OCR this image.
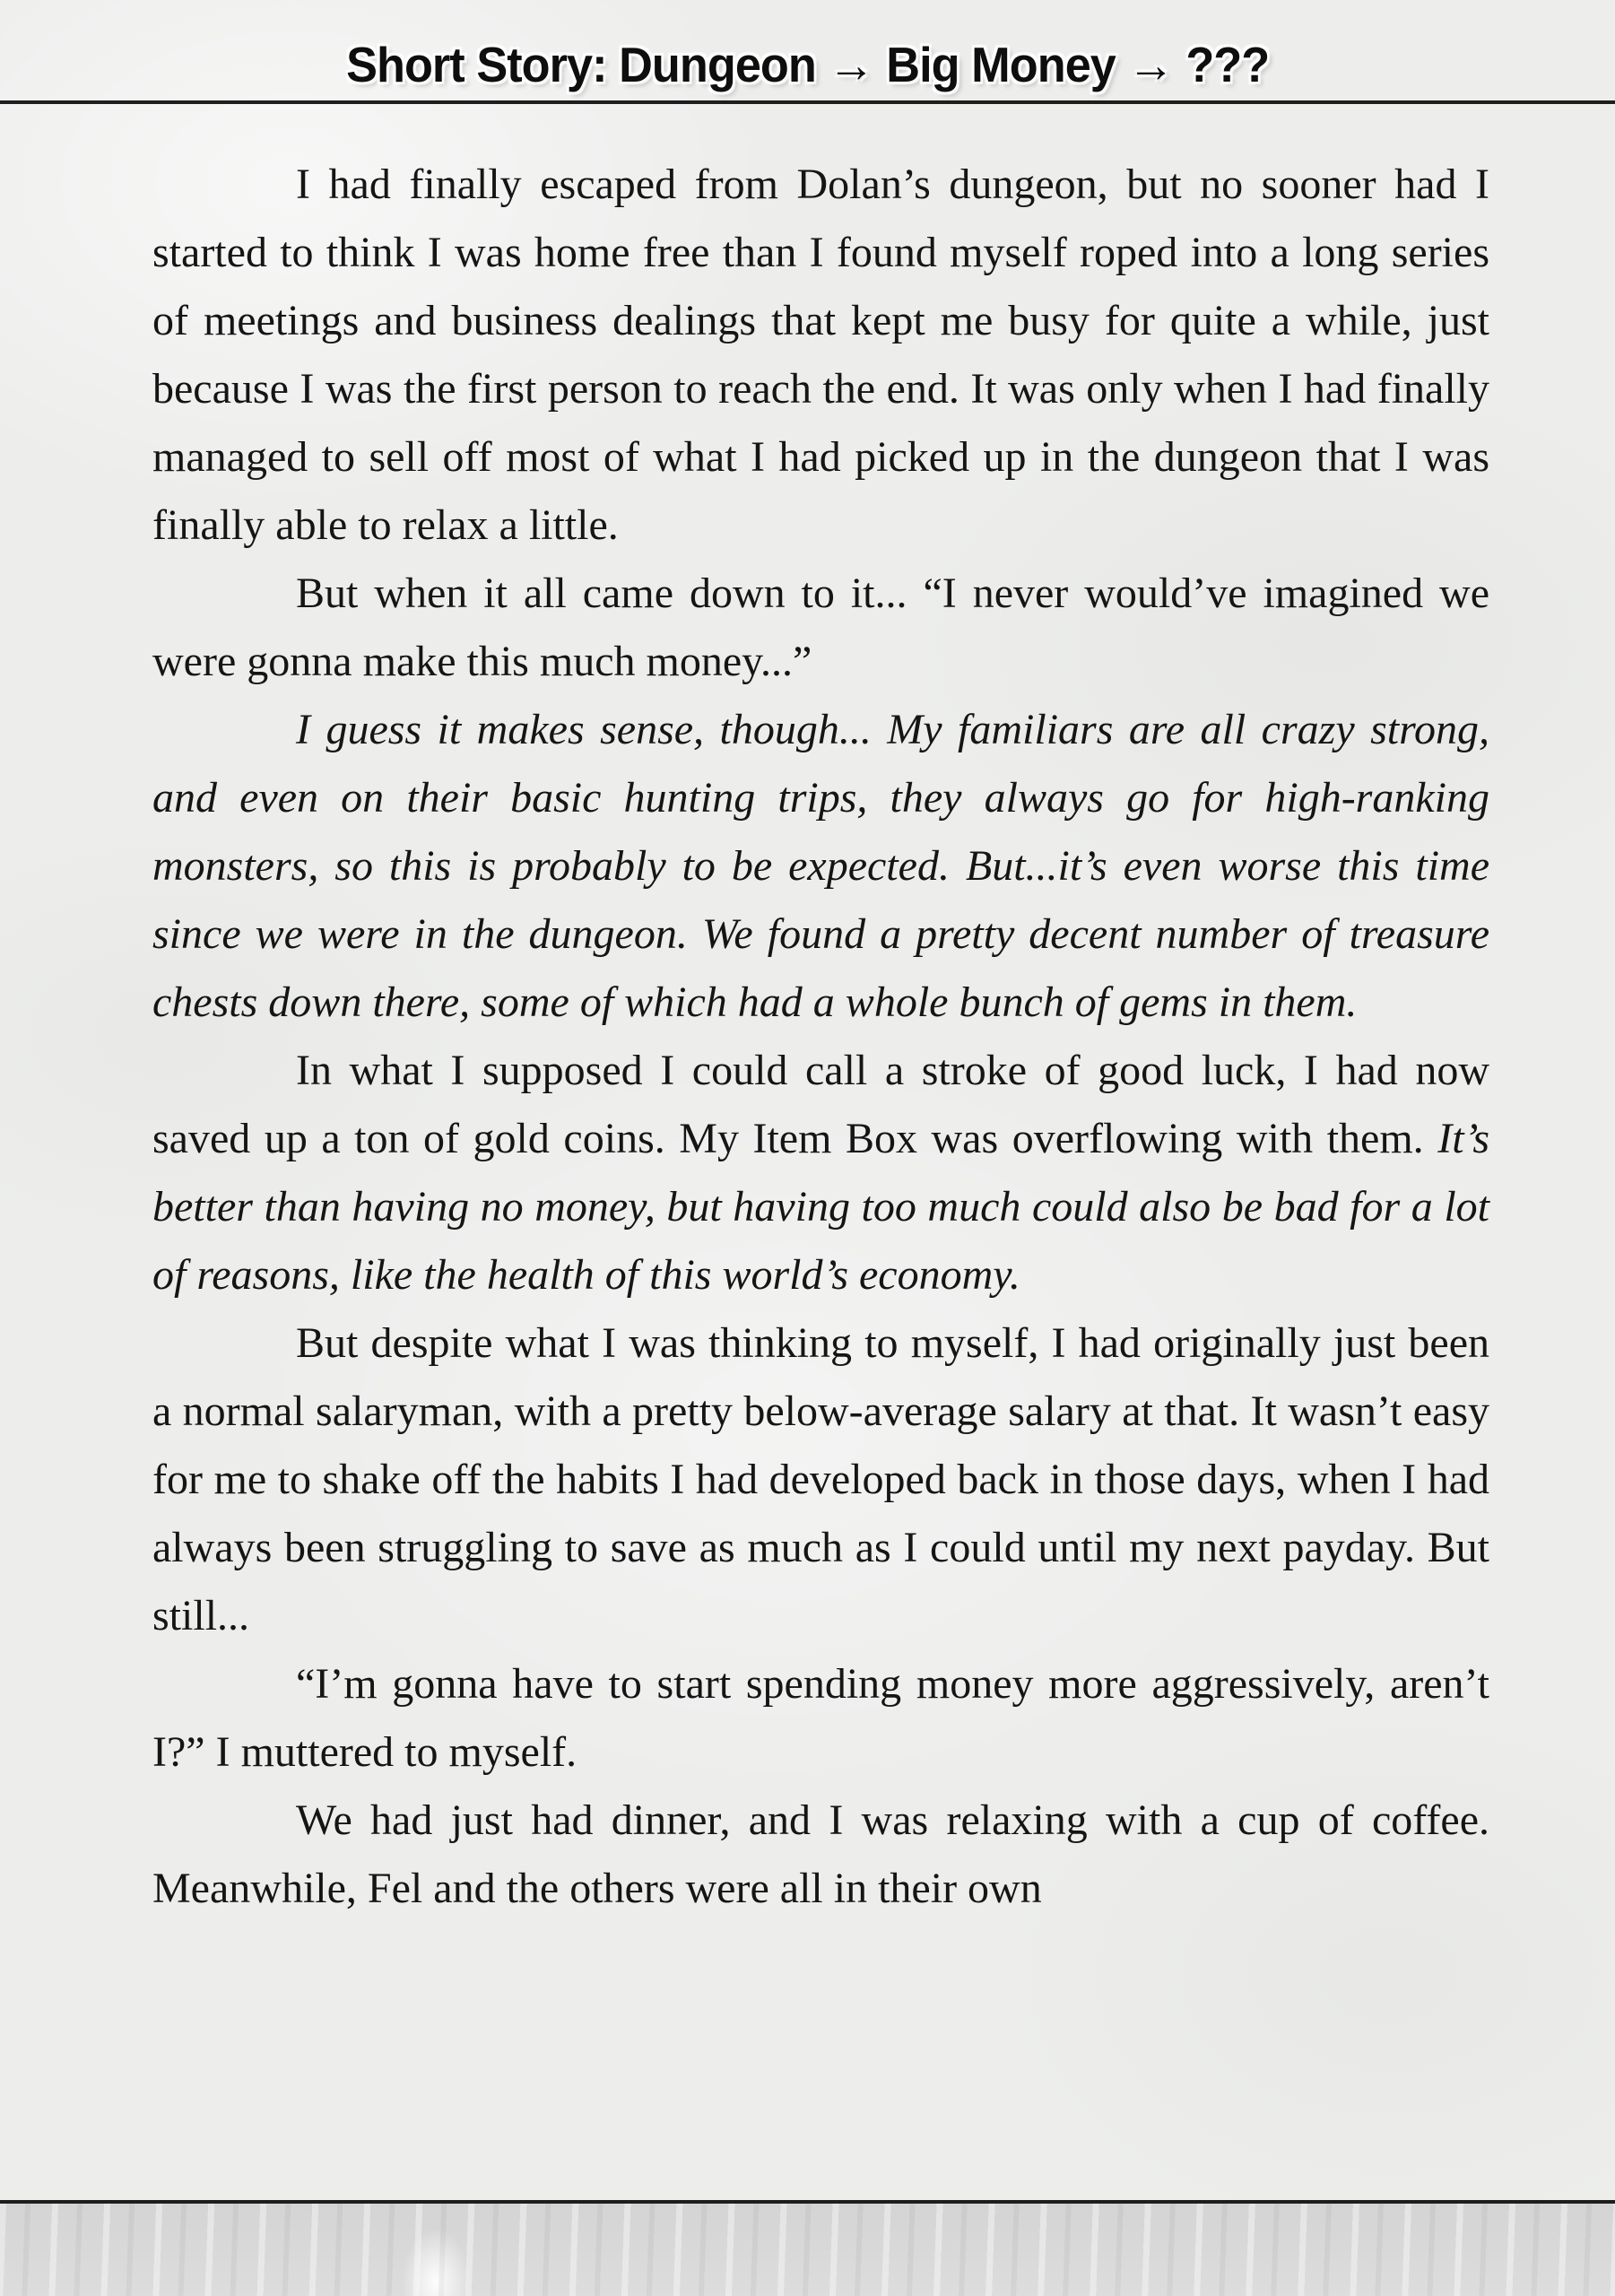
Short Story: Dungeon → Big Money → ???

I had finally escaped from Dolan’s dungeon, but no sooner had I started to think I was home free than I found myself roped into a long series of meetings and business dealings that kept me busy for quite a while, just because I was the first person to reach the end. It was only when I had finally managed to sell off most of what I had picked up in the dungeon that I was finally able to relax a little.

But when it all came down to it... “I never would’ve imagined we were gonna make this much money...”

I guess it makes sense, though... My familiars are all crazy strong, and even on their basic hunting trips, they always go for high-ranking monsters, so this is probably to be expected. But...it’s even worse this time since we were in the dungeon. We found a pretty decent number of treasure chests down there, some of which had a whole bunch of gems in them.

In what I supposed I could call a stroke of good luck, I had now saved up a ton of gold coins. My Item Box was overflowing with them. It’s better than having no money, but having too much could also be bad for a lot of reasons, like the health of this world’s economy.

But despite what I was thinking to myself, I had originally just been a normal salaryman, with a pretty below-average salary at that. It wasn’t easy for me to shake off the habits I had developed back in those days, when I had always been struggling to save as much as I could until my next payday. But still...

“I’m gonna have to start spending money more aggressively, aren’t I?” I muttered to myself.

We had just had dinner, and I was relaxing with a cup of coffee. Meanwhile, Fel and the others were all in their own
